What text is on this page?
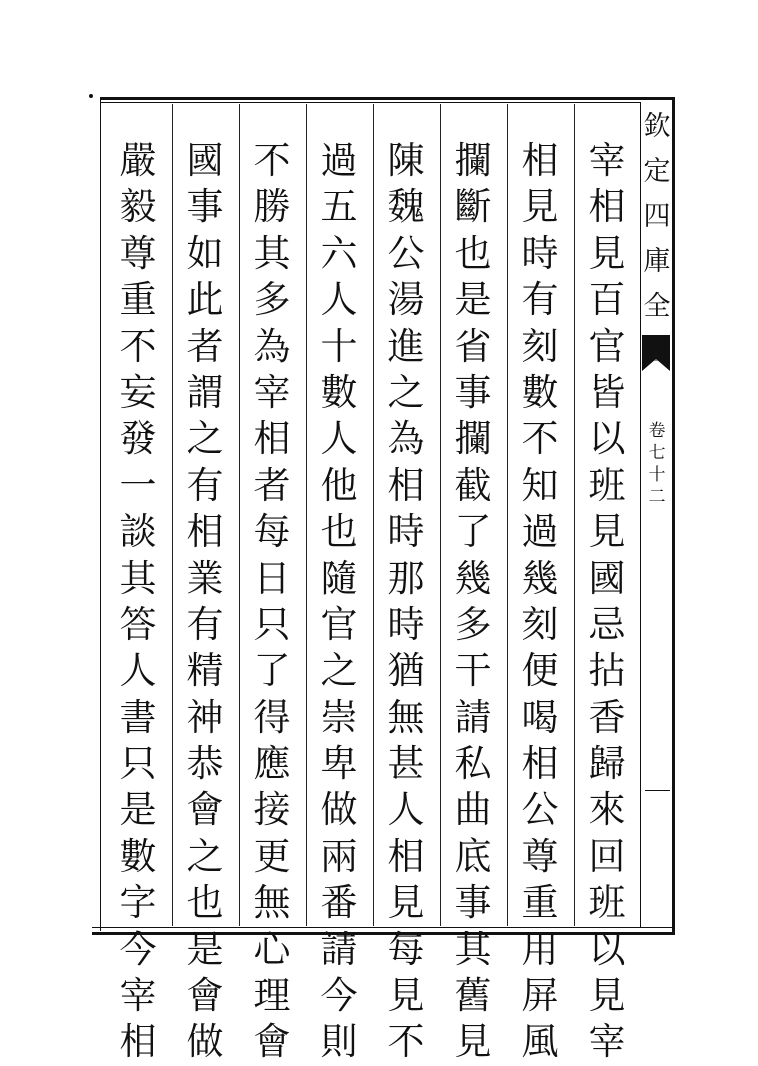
欽
定
四
庫
全
卷
七
十
二
宰
相
見
百
官
皆
以
班
見
國
忌
拈
香
歸
來
回
班
以
見
宰
相
見
時
有
刻
數
不
知
過
幾
刻
便
喝
相
公
尊
重
用
屏
風
攔
斷
也
是
省
事
攔
截
了
幾
多
干
請
私
曲
底
事
其
舊
見
陳
魏
公
湯
進
之
為
相
時
那
時
猶
無
甚
人
相
見
每
見
不
過
五
六
人
十
數
人
他
也
隨
官
之
崇
卑
做
兩
番
請
今
則
不
勝
其
多
為
宰
相
者
每
日
只
了
得
應
接
更
無
心
理
會
國
事
如
此
者
謂
之
有
相
業
有
精
神
恭
會
之
也
是
會
做
嚴
毅
尊
重
不
妄
發
一
談
其
答
人
書
只
是
數
字
今
宰
相
